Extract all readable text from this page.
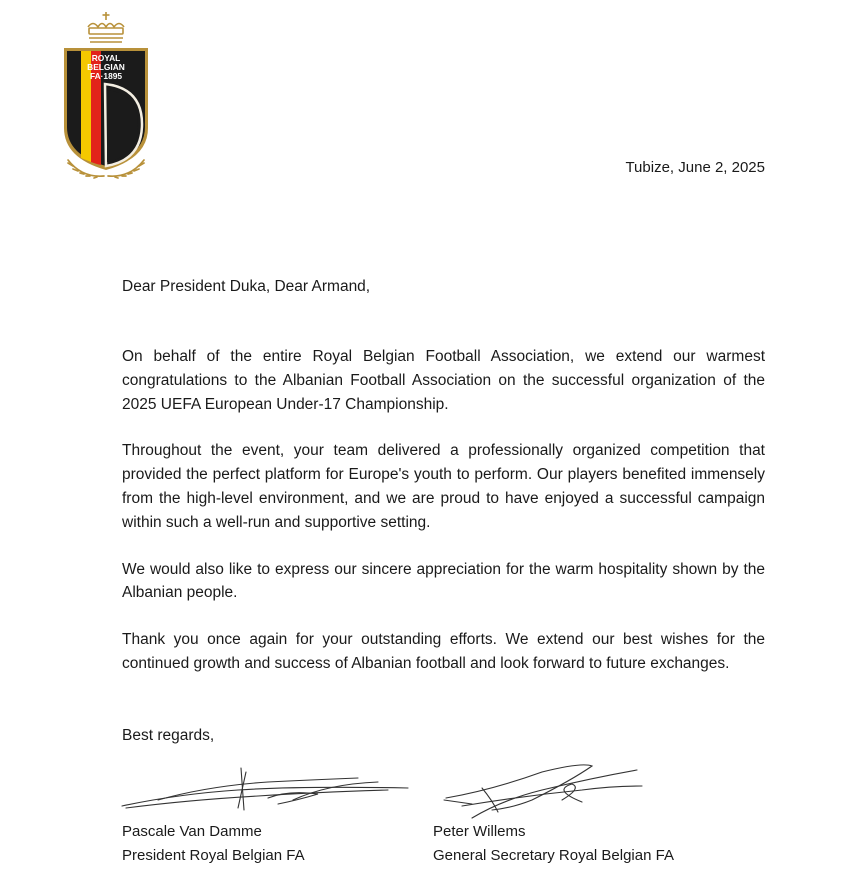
ROYAL
BELGIAN
FA·1895
Tubize, June 2, 2025
Dear President Duka, Dear Armand,

On behalf of the entire Royal Belgian Football Association, we extend our warmest congratulations to the Albanian Football Association on the successful organization of the 2025 UEFA European Under-17 Championship.

Throughout the event, your team delivered a professionally organized competition that provided the perfect platform for Europe's youth to perform. Our players benefited immensely from the high-level environment, and we are proud to have enjoyed a successful campaign within such a well-run and supportive setting.

We would also like to express our sincere appreciation for the warm hospitality shown by the Albanian people.

Thank you once again for your outstanding efforts. We extend our best wishes for the continued growth and success of Albanian football and look forward to future exchanges.

Best regards,
Pascale Van Damme
President Royal Belgian FA
Peter Willems
General Secretary Royal Belgian FA
